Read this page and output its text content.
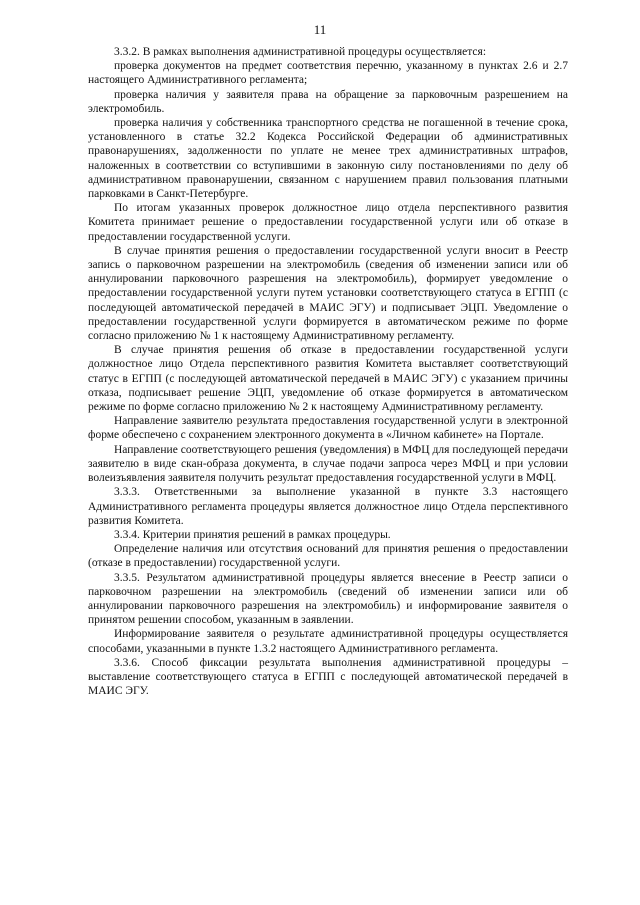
11

3.3.2. В рамках выполнения административной процедуры осуществляется:

проверка документов на предмет соответствия перечню, указанному в пунктах 2.6 и 2.7 настоящего Административного регламента;

проверка наличия у заявителя права на обращение за парковочным разрешением на электромобиль.

проверка наличия у собственника транспортного средства не погашенной в течение срока, установленного в статье 32.2 Кодекса Российской Федерации об административных правонарушениях, задолженности по уплате не менее трех административных штрафов, наложенных в соответствии со вступившими в законную силу постановлениями по делу об административном правонарушении, связанном с нарушением правил пользования платными парковками в Санкт-Петербурге.

По итогам указанных проверок должностное лицо отдела перспективного развития Комитета принимает решение о предоставлении государственной услуги или об отказе в предоставлении государственной услуги.

В случае принятия решения о предоставлении государственной услуги вносит в Реестр запись о парковочном разрешении на электромобиль (сведения об изменении записи или об аннулировании парковочного разрешения на электромобиль), формирует уведомление о предоставлении государственной услуги путем установки соответствующего статуса в ЕГПП (с последующей автоматической передачей в МАИС ЭГУ) и подписывает ЭЦП. Уведомление о предоставлении государственной услуги формируется в автоматическом режиме по форме согласно приложению № 1 к настоящему Административному регламенту.

В случае принятия решения об отказе в предоставлении государственной услуги должностное лицо Отдела перспективного развития Комитета выставляет соответствующий статус в ЕГПП (с последующей автоматической передачей в МАИС ЭГУ) с указанием причины отказа, подписывает решение ЭЦП, уведомление об отказе формируется в автоматическом режиме по форме согласно приложению № 2 к настоящему Административному регламенту.

Направление заявителю результата предоставления государственной услуги в электронной форме обеспечено с сохранением электронного документа в «Личном кабинете» на Портале.

Направление соответствующего решения (уведомления) в МФЦ для последующей передачи заявителю в виде скан-образа документа, в случае подачи запроса через МФЦ и при условии волеизъявления заявителя получить результат предоставления государственной услуги в МФЦ.

3.3.3. Ответственными за выполнение указанной в пункте 3.3 настоящего Административного регламента процедуры является должностное лицо Отдела перспективного развития Комитета.

3.3.4. Критерии принятия решений в рамках процедуры.

Определение наличия или отсутствия оснований для принятия решения о предоставлении (отказе в предоставлении) государственной услуги.

3.3.5. Результатом административной процедуры является внесение в Реестр записи о парковочном разрешении на электромобиль (сведений об изменении записи или об аннулировании парковочного разрешения на электромобиль) и информирование заявителя о принятом решении способом, указанным в заявлении.

Информирование заявителя о результате административной процедуры осуществляется способами, указанными в пункте 1.3.2 настоящего Административного регламента.

3.3.6. Способ фиксации результата выполнения административной процедуры – выставление соответствующего статуса в ЕГПП с последующей автоматической передачей в МАИС ЭГУ.
